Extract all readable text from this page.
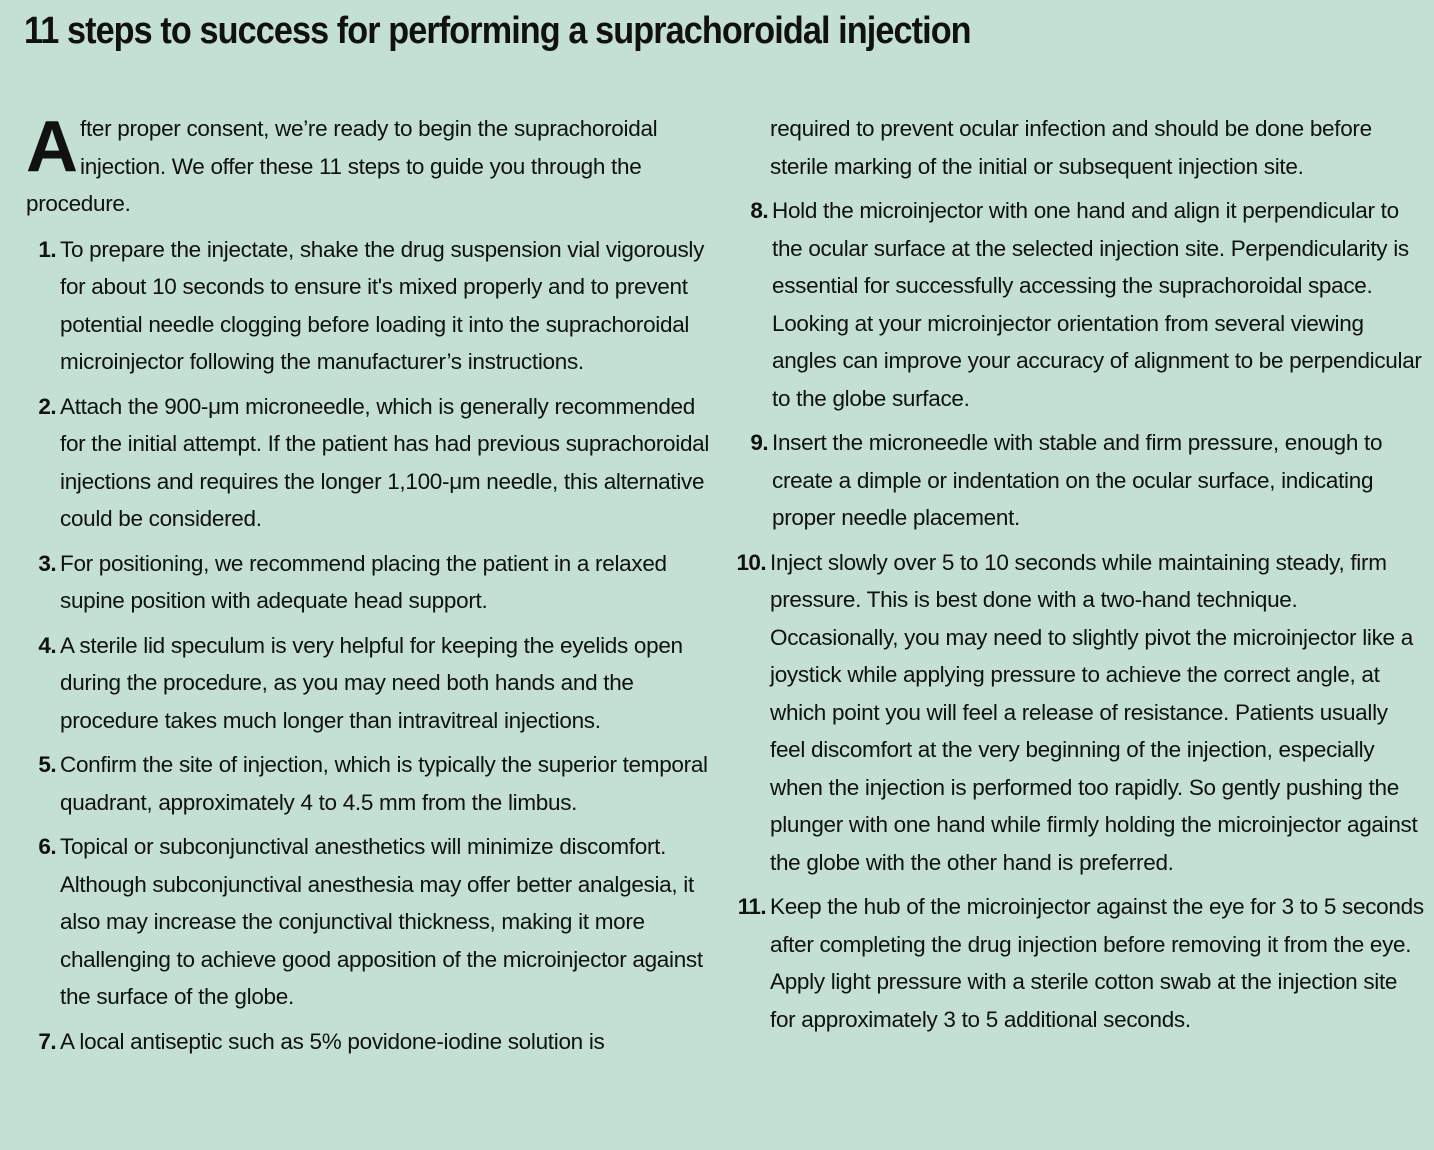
11 steps to success for performing a suprachoroidal injection

After proper consent, we’re ready to begin the suprachoroidal injection. We offer these 11 steps to guide you through the procedure.

1. To prepare the injectate, shake the drug suspension vial vigorously for about 10 seconds to ensure it's mixed properly and to prevent potential needle clogging before loading it into the suprachoroidal microinjector following the manufacturer’s instructions.
2. Attach the 900-μm microneedle, which is generally recommended for the initial attempt. If the patient has had previous suprachoroidal injections and requires the longer 1,100-μm needle, this alternative could be considered.
3. For positioning, we recommend placing the patient in a relaxed supine position with adequate head support.
4. A sterile lid speculum is very helpful for keeping the eyelids open during the procedure, as you may need both hands and the procedure takes much longer than intravitreal injections.
5. Confirm the site of injection, which is typically the superior temporal quadrant, approximately 4 to 4.5 mm from the limbus.
6. Topical or subconjunctival anesthetics will minimize discomfort. Although subconjunctival anesthesia may offer better analgesia, it also may increase the conjunctival thickness, making it more challenging to achieve good apposition of the microinjector against the surface of the globe.
7. A local antiseptic such as 5% povidone-iodine solution is
required to prevent ocular infection and should be done before sterile marking of the initial or subsequent injection site.
8. Hold the microinjector with one hand and align it perpendicular to the ocular surface at the selected injection site. Perpendicularity is essential for successfully accessing the suprachoroidal space. Looking at your microinjector orientation from several viewing angles can improve your accuracy of alignment to be perpendicular to the globe surface.
9. Insert the microneedle with stable and firm pressure, enough to create a dimple or indentation on the ocular surface, indicating proper needle placement.
10. Inject slowly over 5 to 10 seconds while maintaining steady, firm pressure. This is best done with a two-hand technique. Occasionally, you may need to slightly pivot the microinjector like a joystick while applying pressure to achieve the correct angle, at which point you will feel a release of resistance. Patients usually feel discomfort at the very beginning of the injection, especially when the injection is performed too rapidly. So gently pushing the plunger with one hand while firmly holding the microinjector against the globe with the other hand is preferred.
11. Keep the hub of the microinjector against the eye for 3 to 5 seconds after completing the drug injection before removing it from the eye. Apply light pressure with a sterile cotton swab at the injection site for approximately 3 to 5 additional seconds.
